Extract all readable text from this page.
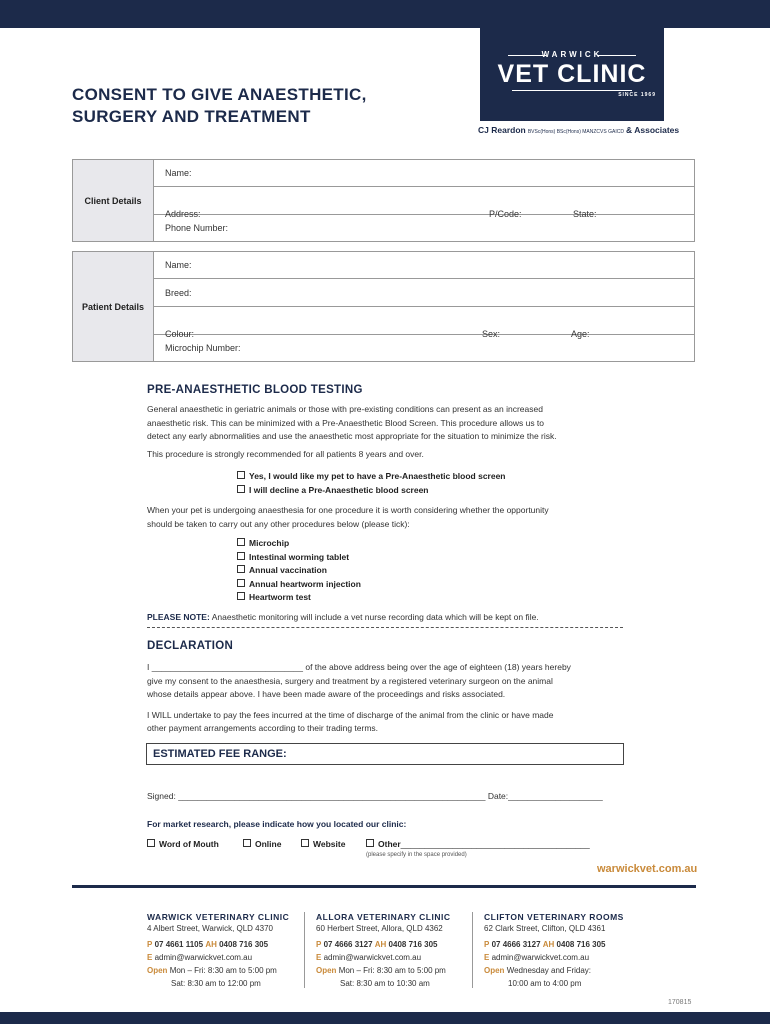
WARWICK
VET CLINIC
SINCE 1969
CONSENT TO GIVE ANAESTHETIC,
SURGERY AND TREATMENT
CJ Reardon BVSc(Hons) BSc(Hons) MANZCVS GAICD & Associates
Client Details	Name:

Address:	P/Code:	State:

Phone Number:
Patient Details	Name:
Breed:

Colour:	Sex:	Age:

Microchip Number:
PRE-ANAESTHETIC BLOOD TESTING
General anaesthetic in geriatric animals or those with pre-existing conditions can present as an increased
anaesthetic risk. This can be minimized with a Pre-Anaesthetic Blood Screen. This procedure allows us to
detect any early abnormalities and use the anaesthetic most appropriate for the situation to minimize the risk.
This procedure is strongly recommended for all patients 8 years and over.
Yes, I would like my pet to have a Pre-Anaesthetic blood screen
I will decline a Pre-Anaesthetic blood screen
When your pet is undergoing anaesthesia for one procedure it is worth considering whether the opportunity
should be taken to carry out any other procedures below (please tick):
Microchip
Intestinal worming tablet
Annual vaccination
Annual heartworm injection
Heartworm test
PLEASE NOTE: Anaesthetic monitoring will include a vet nurse recording data which will be kept on file.
DECLARATION
I ________________________________ of the above address being over the age of eighteen (18) years hereby
give my consent to the anaesthesia, surgery and treatment by a registered veterinary surgeon on the animal
whose details appear above. I have been made aware of the proceedings and risks associated.
I WILL undertake to pay the fees incurred at the time of discharge of the animal from the clinic or have made
other payment arrangements according to their trading terms.
ESTIMATED FEE RANGE:
Signed: _________________________________________________________________ Date:____________________
For market research, please indicate how you located our clinic:
Word of Mouth	Online	Website	Other________________________________________
(please specify in the space provided)
warwickvet.com.au
WARWICK VETERINARY CLINIC
4 Albert Street, Warwick, QLD 4370
P 07 4661 1105 AH 0408 716 305
E admin@warwickvet.com.au
Open Mon – Fri: 8:30 am to 5:00 pm
Sat: 8:30 am to 12:00 pm
ALLORA VETERINARY CLINIC
60 Herbert Street, Allora, QLD 4362
P 07 4666 3127 AH 0408 716 305
E admin@warwickvet.com.au
Open Mon – Fri: 8:30 am to 5:00 pm
Sat: 8:30 am to 10:30 am
CLIFTON VETERINARY ROOMS
62 Clark Street, Clifton, QLD 4361
P 07 4666 3127 AH 0408 716 305
E admin@warwickvet.com.au
Open Wednesday and Friday:
10:00 am to 4:00 pm
170815
